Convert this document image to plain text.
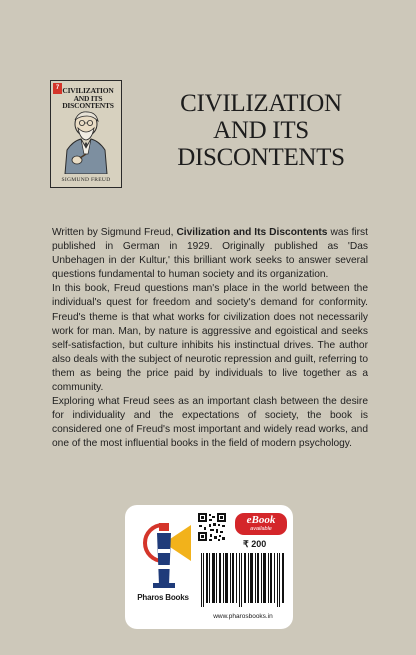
7 CIVILIZATION AND ITS DISCONTENTS
SIGMUND FREUD
CIVILIZATION
AND ITS
DISCONTENTS

Written by Sigmund Freud, Civilization and Its Discontents was first published in German in 1929. Originally published as 'Das Unbehagen in der Kultur,' this brilliant work seeks to answer several questions fundamental to human society and its organization.

In this book, Freud questions man's place in the world between the individual's quest for freedom and society's demand for conformity. Freud's theme is that what works for civilization does not necessarily work for man. Man, by nature is aggressive and egoistical and seeks self-satisfaction, but culture inhibits his instinctual drives. The author also deals with the subject of neurotic repression and guilt, referring to them as being the price paid by individuals to live together as a community.

Exploring what Freud sees as an important clash between the desire for individuality and the expectations of society, the book is considered one of Freud's most important and widely read works, and one of the most influential books in the field of modern psychology.

Pharos Books
eBook
available
₹ 200
www.pharosbooks.in
